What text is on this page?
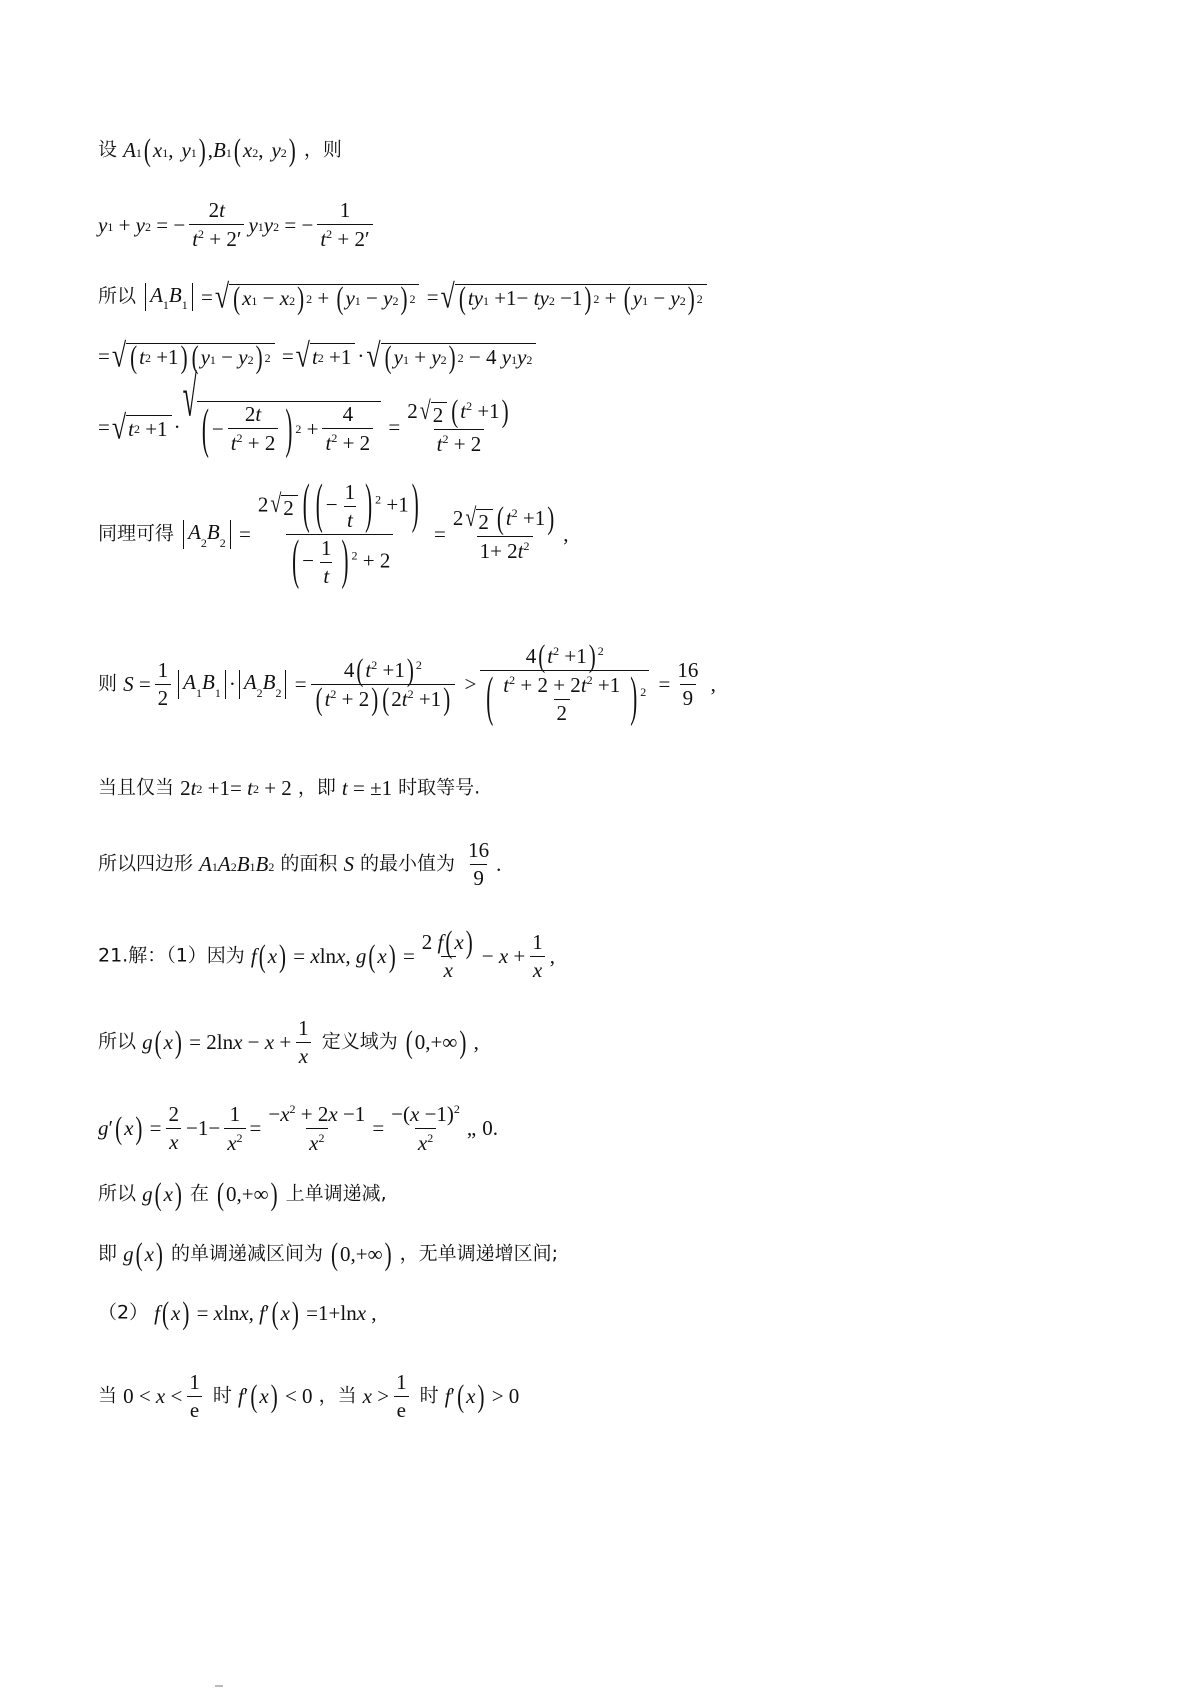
设 $A_1$ ( $x_1$ , $y_1$ ) , $B_1$ ( $x_2$ , $y_2$ ) ，则
$y_1 + y_2$ = − $\frac{2t}{t^2 + 2'} y_1$ $y_2$ = − $\frac{1}{t^2 + 2'}$
所以 $A_1B_1$ = √ ( $x_1 - x_2$ ) 2 + ( $y_1 - y_2$ ) 2 = √ ( $ty_1 +1- ty_2 -1$ ) 2 + ( $y_1 - y_2$ ) 2
= √ ( t 2 +1 ) ( $y_1 - y_2$ ) 2 = √ t 2 +1 · √ ( $y_1 + y_2$ ) 2 − 4 $y_1$ $y_2$
= √ t 2 +1 · √ ( − $\frac{2t}{t^2 + 2}$ ) $2 + \frac{4}{t^2 + 2} = \frac{2 √ 2 (t^2 +1)}{t^2 + 2}$
同理可得 $A_2B_2 = \frac{2 √ 2 ( ( - \frac{1}{t} ) ^2 +1 )}{( - \frac{1}{t} ) ^2 + 2} = \frac{2 √ 2 (t^2 +1)}{1+ 2t^2}$ ,
则 $S = \frac{1}{2} A_1B_1 \cdot A_2B_2 = \frac{4(t^2 +1) ^2}{(t^2 + 2) (2t^2 +1)} > \frac{4(t^2 +1) ^2}{( \frac{t^2 + 2 + 2t^2 +1}{2} ) ^2} = \frac{16}{9}$ ,
当且仅当 2 t 2 +1= t 2 + 2 ，即 t = ±1 时取等号.
所以四边形 $A_1$ $A_2$ $B_1$ $B_2$ 的面积 S 的最小值为 $\frac{16}{9}$ .
21.解：（1）因为 f ( x ) = x ln x , g ( x ) = $\frac{2 f(x)}{x} - x + \frac{1}{x}$ ,
所以 g ( x ) = 2ln $x - x + \frac{1}{x}$ 定义域为 ( 0,+∞ ) ,
g ′ ( x ) = $\frac{2}{x} -1- \frac{1}{x^2} = \frac{-x^2 + 2x -1}{x^2} = \frac{-(x -1)^2}{x^2}$ „ 0.
所以 g ( x ) 在 ( 0,+∞ ) 上单调递减,
即 g ( x ) 的单调递减区间为 ( 0,+∞ ) ，无单调递增区间;
（2） f ( x ) = x ln x , f ′ ( x ) =1+ln x ,
当 $0 < x < \frac{1}{e}$ 时 f ′ ( x ) < 0 ，当 $x > \frac{1}{e}$ 时 f ′ ( x ) > 0
